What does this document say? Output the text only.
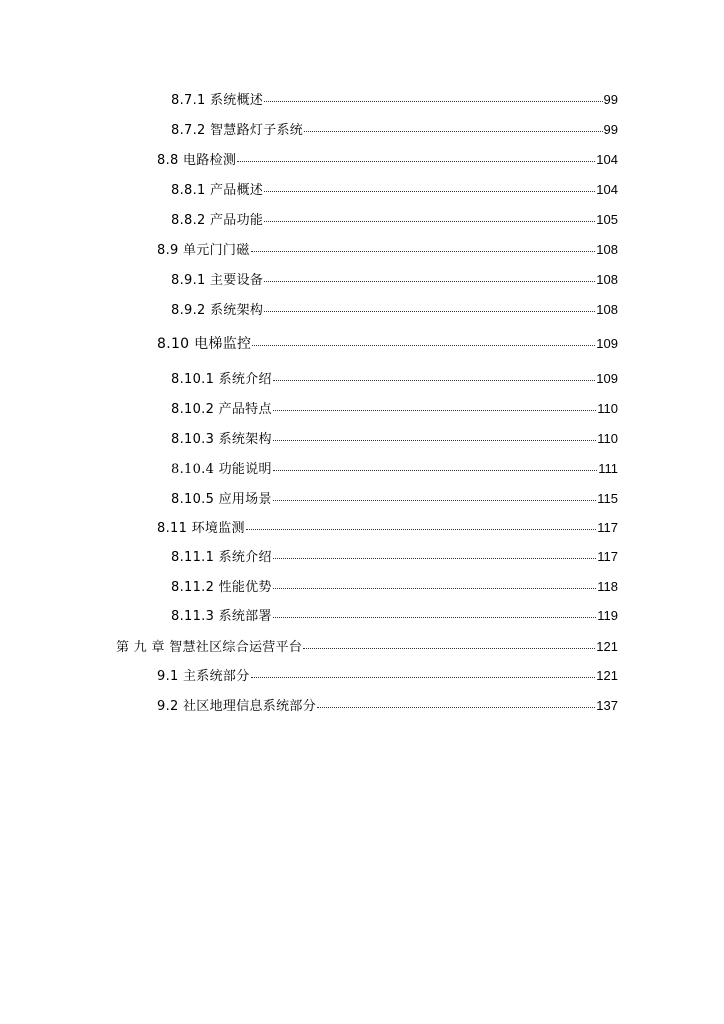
8.7.1 系统概述	99
8.7.2 智慧路灯子系统	99
8.8 电路检测	104
8.8.1 产品概述	104
8.8.2 产品功能	105
8.9 单元门门磁	108
8.9.1 主要设备	108
8.9.2 系统架构	108
8.10 电梯监控	109
8.10.1 系统介绍	109
8.10.2 产品特点	110
8.10.3 系统架构	110
8.10.4 功能说明	111
8.10.5 应用场景	115
8.11 环境监测	117
8.11.1 系统介绍	117
8.11.2 性能优势	118
8.11.3 系统部署	119
第 九 章 智慧社区综合运营平台	121
9.1 主系统部分	121
9.2 社区地理信息系统部分	137
